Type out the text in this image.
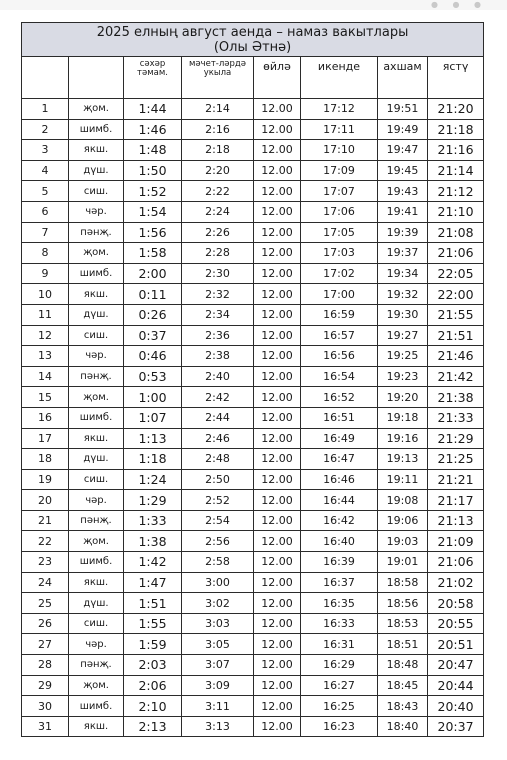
● ● ●
2025 елның август аенда – намаз вакытлары
(Олы Әтнә)							

		сәхәр тәмам.	мәчет-ләрдә укыла	өйлә	икенде	ахшам	ястү
1	җом.	1:44	2:14	12.00	17:12	19:51	21:20
2	шимб.	1:46	2:16	12.00	17:11	19:49	21:18
3	якш.	1:48	2:18	12.00	17:10	19:47	21:16
4	дүш.	1:50	2:20	12.00	17:09	19:45	21:14
5	сиш.	1:52	2:22	12.00	17:07	19:43	21:12
6	чәр.	1:54	2:24	12.00	17:06	19:41	21:10
7	пәнҗ.	1:56	2:26	12.00	17:05	19:39	21:08
8	җом.	1:58	2:28	12.00	17:03	19:37	21:06
9	шимб.	2:00	2:30	12.00	17:02	19:34	22:05
10	якш.	0:11	2:32	12.00	17:00	19:32	22:00
11	дүш.	0:26	2:34	12.00	16:59	19:30	21:55
12	сиш.	0:37	2:36	12.00	16:57	19:27	21:51
13	чәр.	0:46	2:38	12.00	16:56	19:25	21:46
14	пәнҗ.	0:53	2:40	12.00	16:54	19:23	21:42
15	җом.	1:00	2:42	12.00	16:52	19:20	21:38
16	шимб.	1:07	2:44	12.00	16:51	19:18	21:33
17	якш.	1:13	2:46	12.00	16:49	19:16	21:29
18	дүш.	1:18	2:48	12.00	16:47	19:13	21:25
19	сиш.	1:24	2:50	12.00	16:46	19:11	21:21
20	чәр.	1:29	2:52	12.00	16:44	19:08	21:17
21	пәнҗ.	1:33	2:54	12.00	16:42	19:06	21:13
22	җом.	1:38	2:56	12.00	16:40	19:03	21:09
23	шимб.	1:42	2:58	12.00	16:39	19:01	21:06
24	якш.	1:47	3:00	12.00	16:37	18:58	21:02
25	дүш.	1:51	3:02	12.00	16:35	18:56	20:58
26	сиш.	1:55	3:03	12.00	16:33	18:53	20:55
27	чәр.	1:59	3:05	12.00	16:31	18:51	20:51
28	пәнҗ.	2:03	3:07	12.00	16:29	18:48	20:47
29	җом.	2:06	3:09	12.00	16:27	18:45	20:44
30	шимб.	2:10	3:11	12.00	16:25	18:43	20:40
31	якш.	2:13	3:13	12.00	16:23	18:40	20:37
